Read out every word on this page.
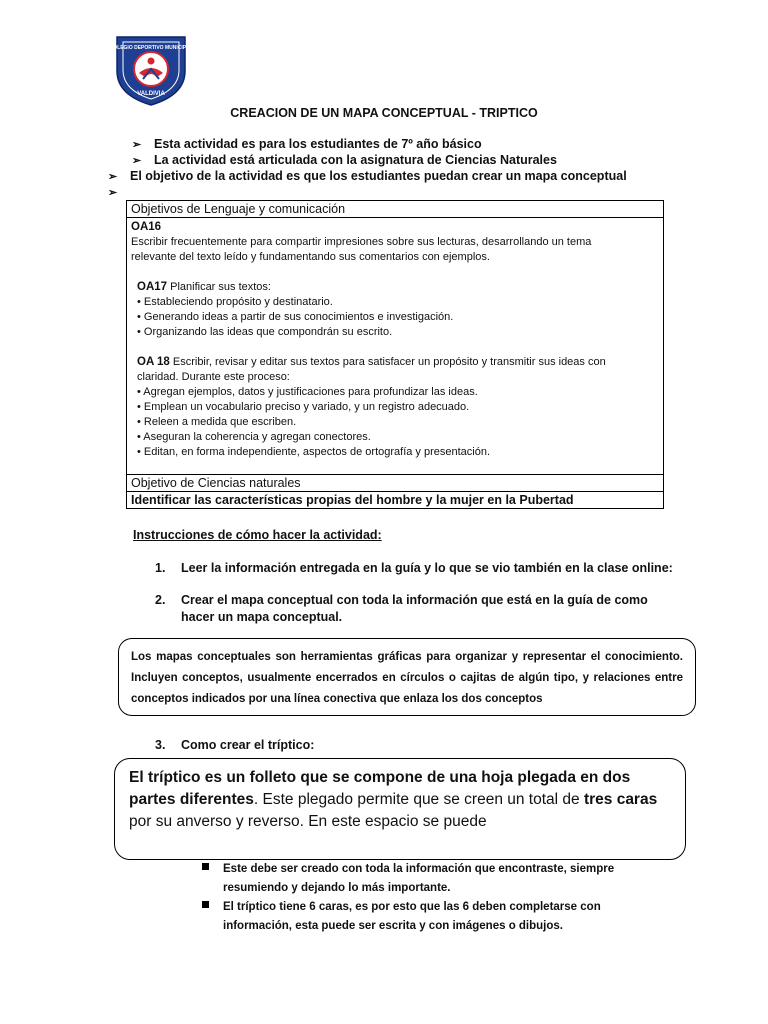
COLEGIO DEPORTIVO MUNICIPAL
VALDIVIA
CREACION DE UN MAPA CONCEPTUAL - TRIPTICO
➢ Esta actividad es para los estudiantes de 7º año básico
➢ La actividad está articulada con la asignatura de Ciencias Naturales
➢ El objetivo de la actividad es que los estudiantes puedan crear un mapa conceptual
➢
Objetivos de Lenguaje y comunicación
OA16
Escribir frecuentemente para compartir impresiones sobre sus lecturas, desarrollando un tema
relevante del texto leído y fundamentando sus comentarios con ejemplos.
OA17 Planificar sus textos:
• Estableciendo propósito y destinatario.
• Generando ideas a partir de sus conocimientos e investigación.
• Organizando las ideas que compondrán su escrito.
OA 18 Escribir, revisar y editar sus textos para satisfacer un propósito y transmitir sus ideas con
claridad. Durante este proceso:
• Agregan ejemplos, datos y justificaciones para profundizar las ideas.
• Emplean un vocabulario preciso y variado, y un registro adecuado.
• Releen a medida que escriben.
• Aseguran la coherencia y agregan conectores.
• Editan, en forma independiente, aspectos de ortografía y presentación.
Objetivo de Ciencias naturales
Identificar las características propias del hombre y la mujer en la Pubertad
Instrucciones de cómo hacer la actividad:
1. Leer la información entregada en la guía y lo que se vio también en la clase online:
2. Crear el mapa conceptual con toda la información que está en la guía de como
hacer un mapa conceptual.
Los mapas conceptuales son herramientas gráficas para organizar y representar el conocimiento. Incluyen conceptos, usualmente encerrados en círculos o cajitas de algún tipo, y relaciones entre conceptos indicados por una línea conectiva que enlaza los dos conceptos
3. Como crear el tríptico:
El tríptico es un folleto que se compone de una hoja plegada en dos partes diferentes. Este plegado permite que se creen un total de tres caras por su anverso y reverso. En este espacio se puede
Este debe ser creado con toda la información que encontraste, siempre
resumiendo y dejando lo más importante.
El tríptico tiene 6 caras, es por esto que las 6 deben completarse con
información, esta puede ser escrita y con imágenes o dibujos.
